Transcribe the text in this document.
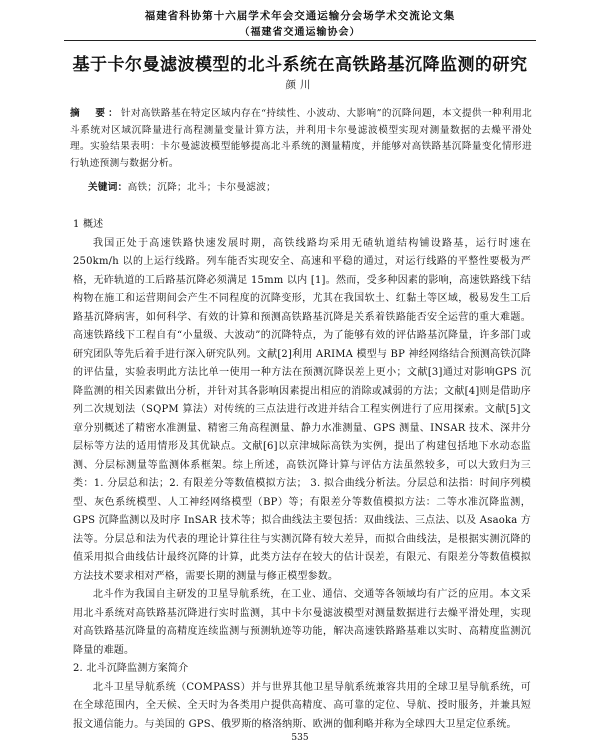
福建省科协第十六届学术年会交通运输分会场学术交流论文集
（福建省交通运输协会）
基于卡尔曼滤波模型的北斗系统在高铁路基沉降监测的研究
颜川
摘　要：针对高铁路基在特定区域内存在“持续性、小波动、大影响”的沉降问题，本文提供一种利用北斗系统对区域沉降量进行高程测量变量计算方法，并利用卡尔曼滤波模型实现对测量数据的去燥平滑处理。实验结果表明：卡尔曼滤波模型能够提高北斗系统的测量精度，并能够对高铁路基沉降量变化情形进行轨迹预测与数据分析。
关键词：高铁；沉降；北斗；卡尔曼滤波；
1 概述

我国正处于高速铁路快速发展时期，高铁线路均采用无碴轨道结构铺设路基，运行时速在250km/h 以的上运行线路。列车能否实现安全、高速和平稳的通过，对运行线路的平整性要极为严格，无砟轨道的工后路基沉降必须满足 15mm 以内 [1]。然而，受多种因素的影响，高速铁路线下结构物在施工和运营期间会产生不同程度的沉降变形，尤其在我国软土、红黏土等区域，极易发生工后路基沉降病害，如何科学、有效的计算和预测高铁路基沉降是关系着铁路能否安全运营的重大难题。高速铁路线下工程自有“小量级、大波动”的沉降特点，为了能够有效的评估路基沉降量，许多部门或研究团队等先后着手进行深入研究队列。文献[2]利用 ARIMA 模型与 BP 神经网络结合预测高铁沉降的评估量，实验表明此方法比单一使用一种方法在预测沉降误差上更小；文献[3]通过对影响GPS 沉降监测的相关因素做出分析，并针对其各影响因素提出相应的消除或减弱的方法；文献[4]则是借助序列二次规划法（SQPM 算法）对传统的三点法进行改进并结合工程实例进行了应用探索。文献[5]文章分别概述了精密水准测量、精密三角高程测量、静力水准测量、GPS 测量、INSAR 技术、深井分层标等方法的适用情形及其优缺点。文献[6]以京津城际高铁为实例，提出了构建包括地下水动态监测、分层标测量等监测体系框架。综上所述，高铁沉降计算与评估方法虽然较多，可以大致归为三类：1. 分层总和法；2. 有限差分等数值模拟方法； 3. 拟合曲线分析法。分层总和法指：时间序列模型、灰色系统模型、人工神经网络模型（BP）等；有限差分等数值模拟方法：二等水准沉降监测，GPS 沉降监测以及时序 InSAR 技术等；拟合曲线法主要包括：双曲线法、三点法、以及 Asaoka 方法等。分层总和法为代表的理论计算往往与实测沉降有较大差异，而拟合曲线法，是根据实测沉降的值采用拟合曲线估计最终沉降的计算，此类方法存在较大的估计误差，有限元、有限差分等数值模拟方法技术要求相对严格，需要长期的测量与修正模型参数。

北斗作为我国自主研发的卫星导航系统，在工业、通信、交通等各领域均有广泛的应用。本文采用北斗系统对高铁路基沉降进行实时监测，其中卡尔曼滤波模型对测量数据进行去燥平滑处理，实现对高铁路基沉降量的高精度连续监测与预测轨迹等功能，解决高速铁路路基难以实时、高精度监测沉降量的难题。

2. 北斗沉降监测方案简介

北斗卫星导航系统（COMPASS）并与世界其他卫星导航系统兼容共用的全球卫星导航系统，可在全球范围内，全天候、全天时为各类用户提供高精度、高可靠的定位、导航、授时服务，并兼具短报文通信能力。与美国的 GPS、俄罗斯的格洛纳斯、欧洲的伽利略并称为全球四大卫星定位系统。

535
